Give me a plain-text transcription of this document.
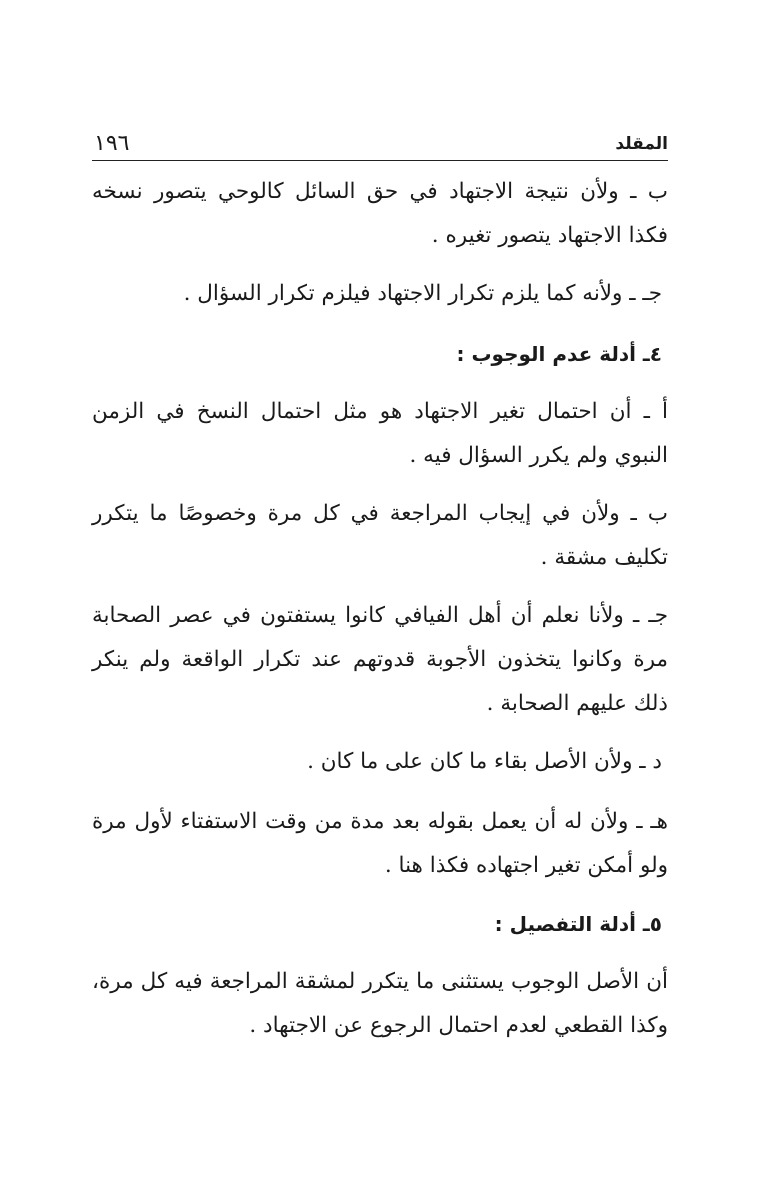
المقلد
١٩٦

ب ـ ولأن نتيجة الاجتهاد في حق السائل كالوحي يتصور نسخه فكذا الاجتهاد يتصور تغيره .

جـ ـ ولأنه كما يلزم تكرار الاجتهاد فيلزم تكرار السؤال .

٤ـ أدلة عدم الوجوب :

أ ـ أن احتمال تغير الاجتهاد هو مثل احتمال النسخ في الزمن النبوي ولم يكرر السؤال فيه .

ب ـ ولأن في إيجاب المراجعة في كل مرة وخصوصًا ما يتكرر تكليف مشقة .

جـ ـ ولأنا نعلم أن أهل الفيافي كانوا يستفتون في عصر الصحابة مرة وكانوا يتخذون الأجوبة قدوتهم عند تكرار الواقعة ولم ينكر ذلك عليهم الصحابة .

د ـ ولأن الأصل بقاء ما كان على ما كان .

هـ ـ ولأن له أن يعمل بقوله بعد مدة من وقت الاستفتاء لأول مرة ولو أمكن تغير اجتهاده فكذا هنا .

٥ـ أدلة التفصيل :

أن الأصل الوجوب يستثنى ما يتكرر لمشقة المراجعة فيه كل مرة، وكذا القطعي لعدم احتمال الرجوع عن الاجتهاد .
